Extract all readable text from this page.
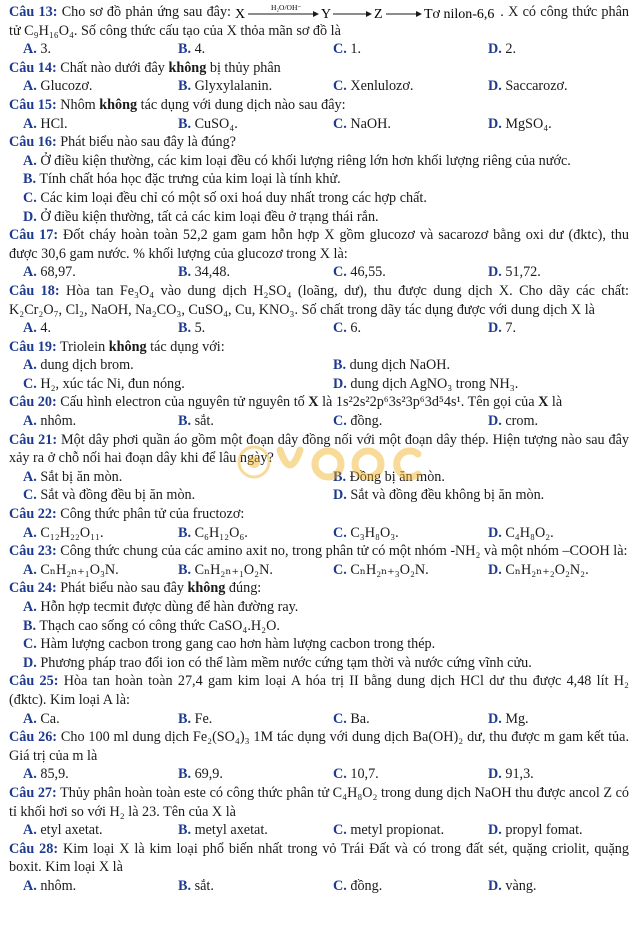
Câu 13: Cho sơ đồ phản ứng sau đây: X	H₂O/OH⁻ Y	Z	Tơ nilon-6,6 . X có công thức phân tử C₉H₁₆O₄. Số công thức cấu tạo của X thỏa mãn sơ đồ là

A. 3.	B. 4.	C. 1.	D. 2.

Câu 14: Chất nào dưới đây không bị thủy phân

A. Glucozơ.	B. Glyxylalanin.	C. Xenlulozơ.	D. Saccarozơ.

Câu 15: Nhôm không tác dụng với dung dịch nào sau đây:

A. HCl.	B. CuSO₄.	C. NaOH.	D. MgSO₄.

Câu 16: Phát biểu nào sau đây là đúng?

A. Ở điều kiện thường, các kim loại đều có khối lượng riêng lớn hơn khối lượng riêng của nước.
B. Tính chất hóa học đặc trưng của kim loại là tính khử.
C. Các kim loại đều chỉ có một số oxi hoá duy nhất trong các hợp chất.
D. Ở điều kiện thường, tất cả các kim loại đều ở trạng thái rắn.

Câu 17: Đốt cháy hoàn toàn 52,2 gam gam hỗn hợp X gồm glucozơ và sacarozơ bằng oxi dư (đktc), thu được 30,6 gam nước. % khối lượng của glucozơ trong X là:

A. 68,97.	B. 34,48.	C. 46,55.	D. 51,72.

Câu 18: Hòa tan Fe₃O₄ vào dung dịch H₂SO₄ (loãng, dư), thu được dung dịch X. Cho dãy các chất: K₂Cr₂O₇, Cl₂, NaOH, Na₂CO₃, CuSO₄, Cu, KNO₃. Số chất trong dãy tác dụng được với dung dịch X là

A. 4.	B. 5.	C. 6.	D. 7.

Câu 19: Triolein không tác dụng với:

A. dung dịch brom.	B. dung dịch NaOH.
C. H₂, xúc tác Ni, đun nóng.	D. dung dịch AgNO₃ trong NH₃.

Câu 20: Cấu hình electron của nguyên tử nguyên tố X là 1s²2s²2p⁶3s²3p⁶3d⁵4s¹. Tên gọi của X là

A. nhôm.	B. sắt.	C. đồng.	D. crom.

Câu 21: Một dây phơi quần áo gồm một đoạn dây đồng nối với một đoạn dây thép. Hiện tượng nào sau đây xảy ra ở chỗ nối hai đoạn dây khi để lâu ngày?

A. Sắt bị ăn mòn.	B. Đồng bị ăn mòn.
C. Sắt và đồng đều bị ăn mòn.	D. Sắt và đồng đều không bị ăn mòn.

Câu 22: Công thức phân tử của fructozơ:

A. C₁₂H₂₂O₁₁.	B. C₆H₁₂O₆.	C. C₃H₈O₃.	D. C₄H₈O₂.

Câu 23: Công thức chung của các amino axit no, trong phân tử có một nhóm -NH₂ và một nhóm –COOH là:

A. CₙH₂ₙ₊₁O₃N.	B. CₙH₂ₙ₊₁O₂N.	C. CₙH₂ₙ₊₃O₂N.	D. CₙH₂ₙ₊₂O₂N₂.

Câu 24: Phát biểu nào sau đây không đúng:

A. Hỗn hợp tecmit được dùng để hàn đường ray.
B. Thạch cao sống có công thức CaSO₄.H₂O.
C. Hàm lượng cacbon trong gang cao hơn hàm lượng cacbon trong thép.
D. Phương pháp trao đổi ion có thể làm mềm nước cứng tạm thời và nước cứng vĩnh cửu.

Câu 25: Hòa tan hoàn toàn 27,4 gam kim loại A hóa trị II bằng dung dịch HCl dư thu được 4,48 lít H₂ (đktc). Kim loại A là:

A. Ca.	B. Fe.	C. Ba.	D. Mg.

Câu 26: Cho 100 ml dung dịch Fe₂(SO₄)₃ 1M tác dụng với dung dịch Ba(OH)₂ dư, thu được m gam kết tủa. Giá trị của m là

A. 85,9.	B. 69,9.	C. 10,7.	D. 91,3.

Câu 27: Thủy phân hoàn toàn este có công thức phân tử C₄H₈O₂ trong dung dịch NaOH thu được ancol Z có tỉ khối hơi so với H₂ là 23. Tên của X là

A. etyl axetat.	B. metyl axetat.	C. metyl propionat.	D. propyl fomat.

Câu 28: Kim loại X là kim loại phổ biến nhất trong vỏ Trái Đất và có trong đất sét, quặng criolit, quặng boxit. Kim loại X là

A. nhôm.	B. sắt.	C. đồng.	D. vàng.
